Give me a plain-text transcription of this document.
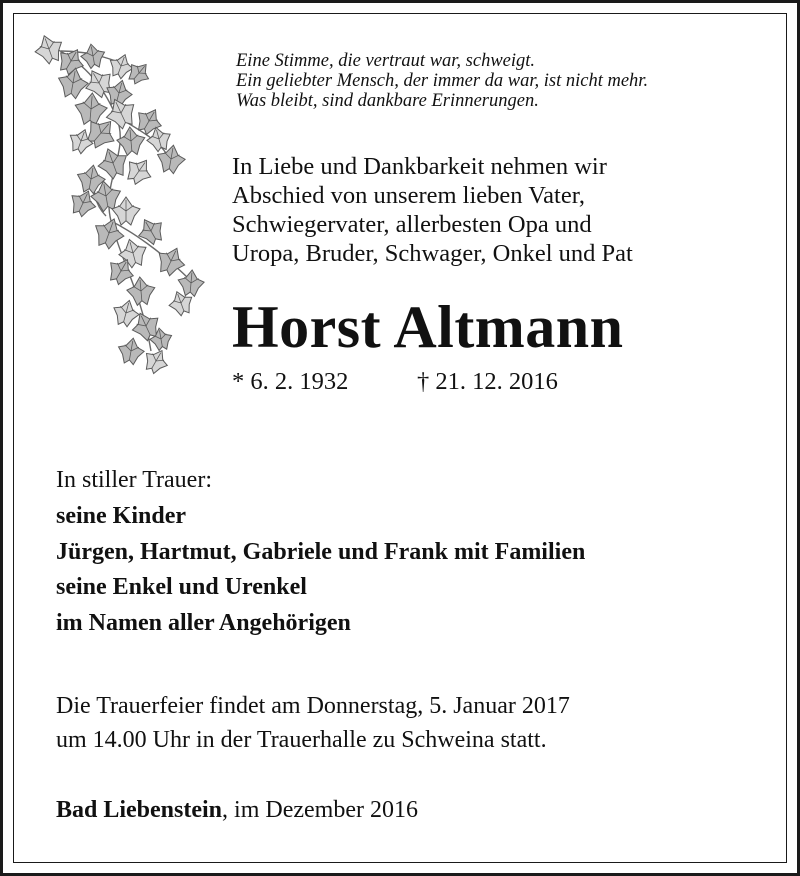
Eine Stimme, die vertraut war, schweigt.
Ein geliebter Mensch, der immer da war, ist nicht mehr.
Was bleibt, sind dankbare Erinnerungen.
In Liebe und Dankbarkeit nehmen wir
Abschied von unserem lieben Vater,
Schwiegervater, allerbesten Opa und
Uropa, Bruder, Schwager, Onkel und Pat
Horst Altmann
* 6. 2. 1932	† 21. 12. 2016
In stiller Trauer:
seine Kinder
Jürgen, Hartmut, Gabriele und Frank mit Familien
seine Enkel und Urenkel
im Namen aller Angehörigen
Die Trauerfeier findet am Donnerstag, 5. Januar 2017
um 14.00 Uhr in der Trauerhalle zu Schweina statt.
Bad Liebenstein, im Dezember 2016
